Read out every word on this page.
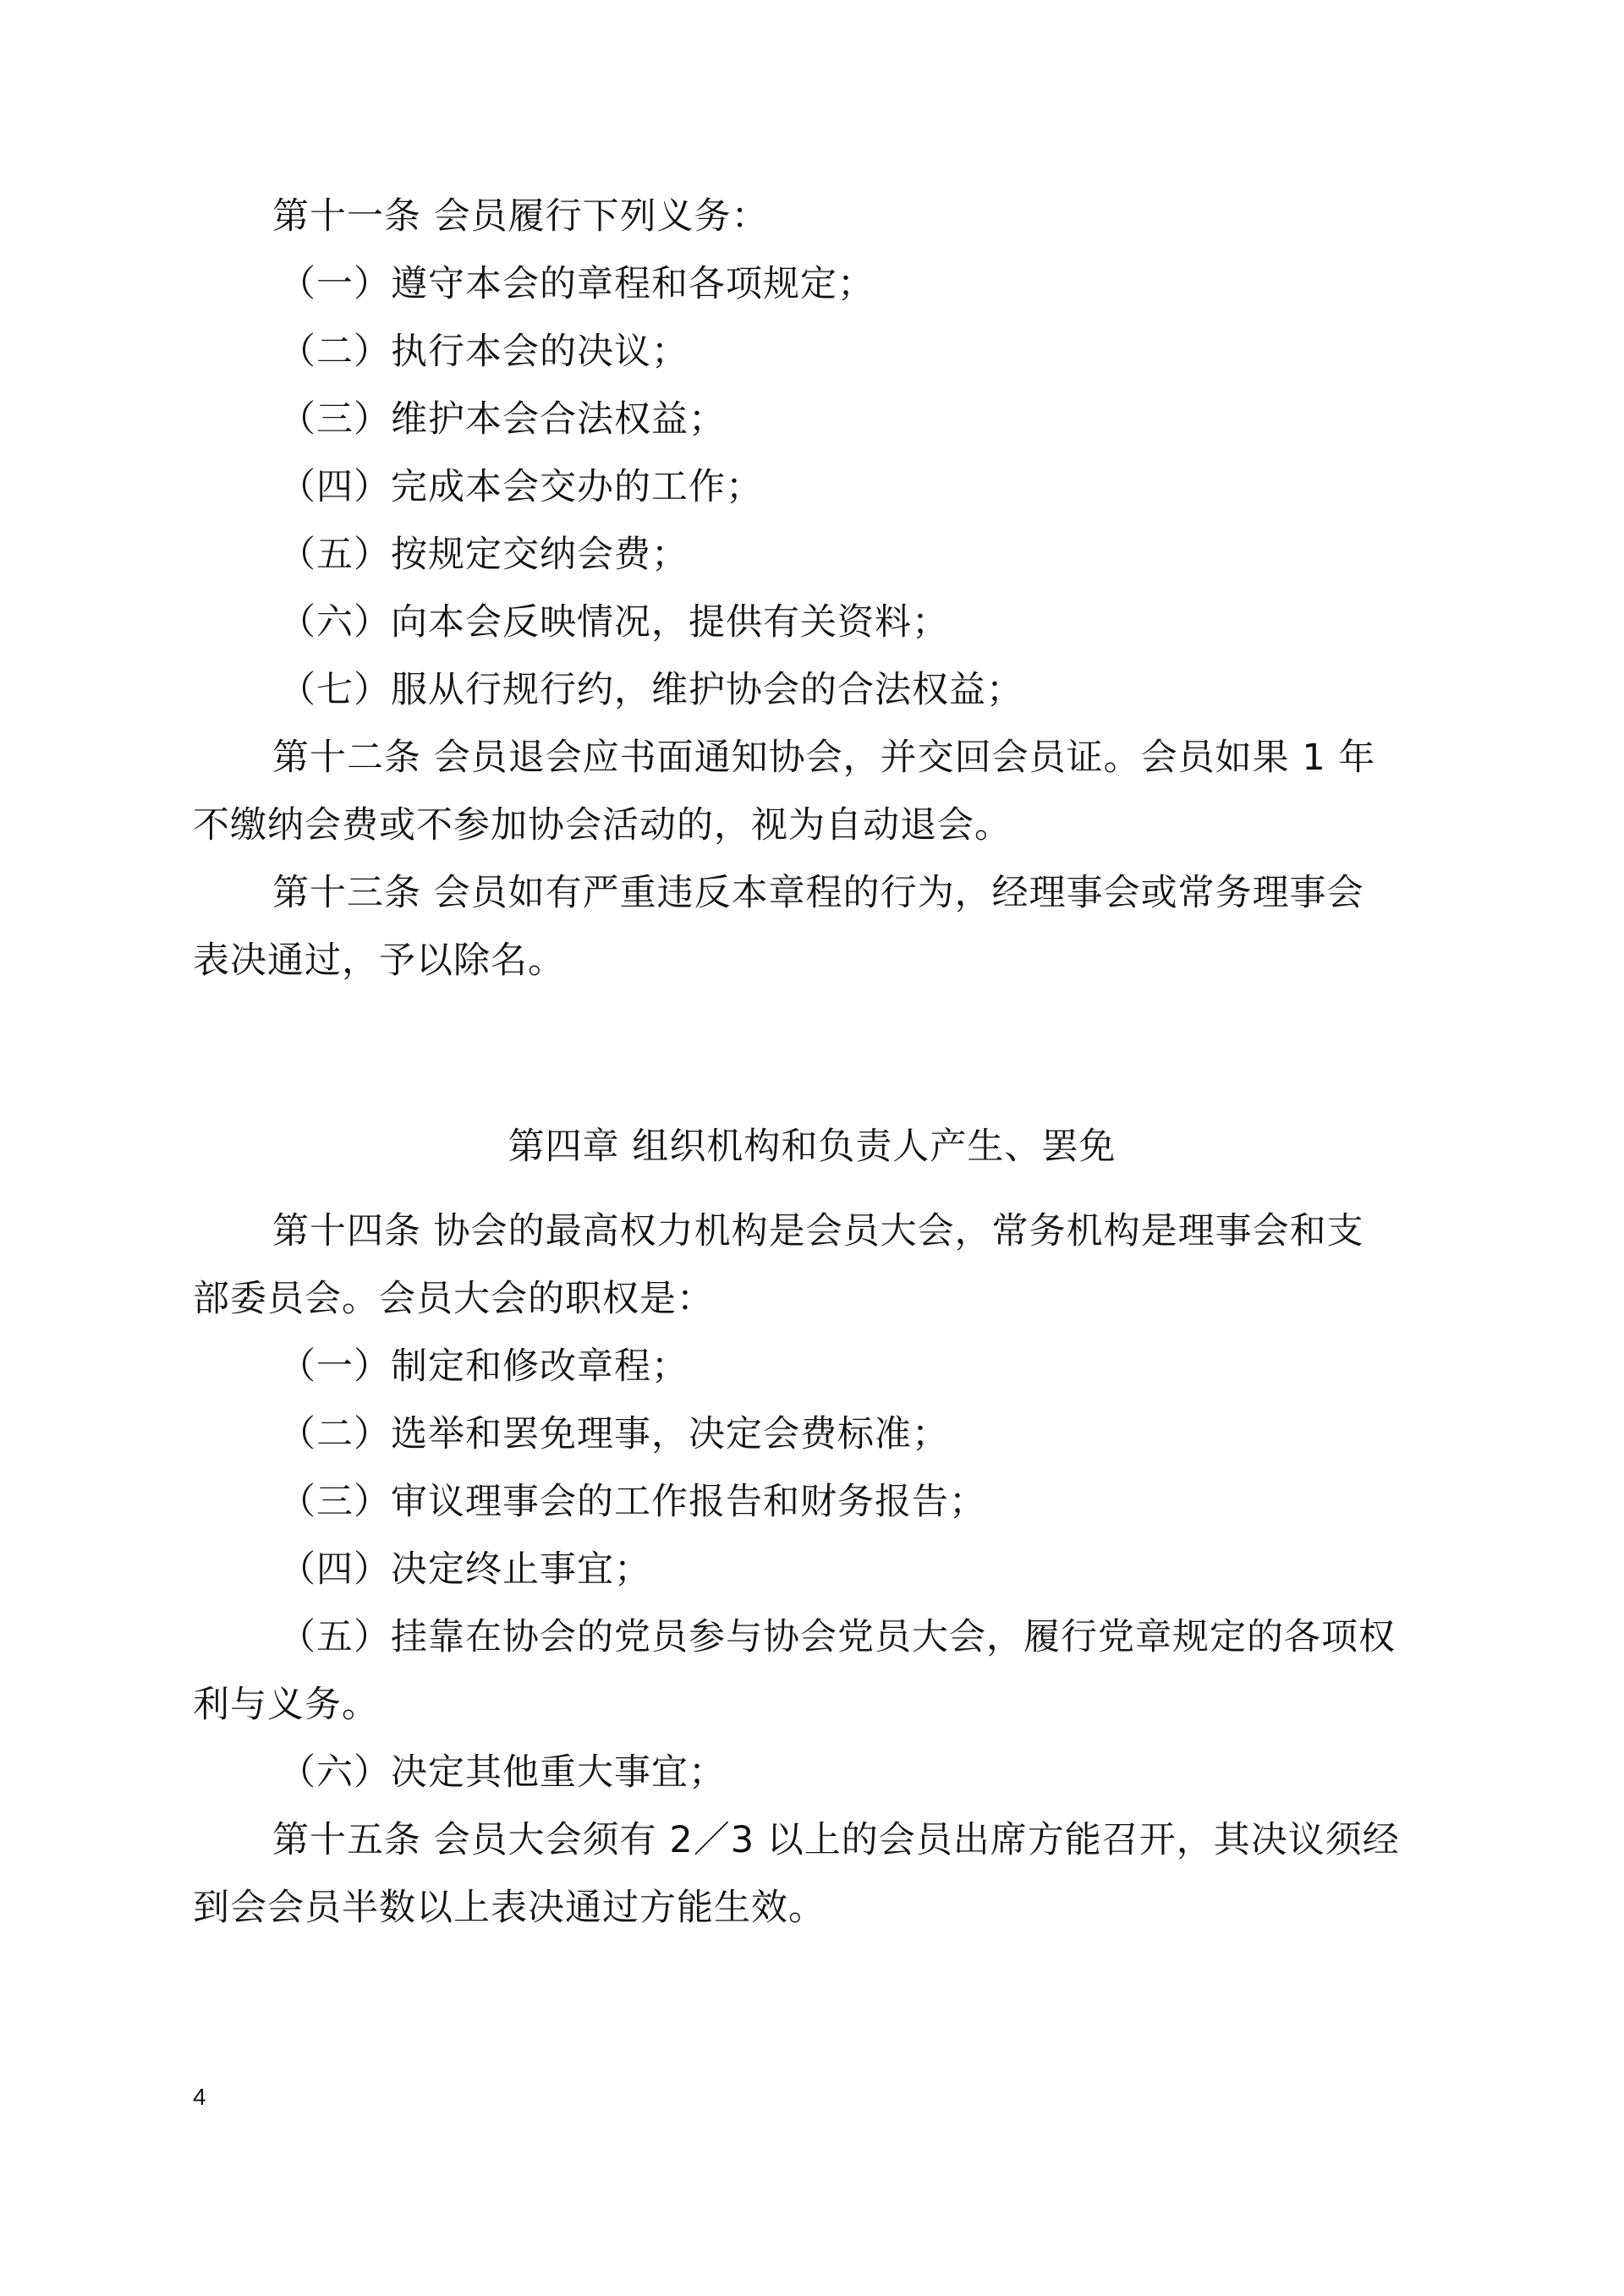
第十一条 会员履行下列义务：
（一）遵守本会的章程和各项规定；
（二）执行本会的决议；
（三）维护本会合法权益；
（四）完成本会交办的工作；
（五）按规定交纳会费；
（六）向本会反映情况，提供有关资料；
（七）服从行规行约，维护协会的合法权益；
第十二条 会员退会应书面通知协会，并交回会员证。会员如果 1 年
不缴纳会费或不参加协会活动的，视为自动退会。
第十三条 会员如有严重违反本章程的行为，经理事会或常务理事会
表决通过，予以除名。
第四章 组织机构和负责人产生、罢免
第十四条 协会的最高权力机构是会员大会，常务机构是理事会和支
部委员会。会员大会的职权是：
（一）制定和修改章程；
（二）选举和罢免理事，决定会费标准；
（三）审议理事会的工作报告和财务报告；
（四）决定终止事宜；
（五）挂靠在协会的党员参与协会党员大会，履行党章规定的各项权
利与义务。
（六）决定其他重大事宜；
第十五条 会员大会须有 2／3 以上的会员出席方能召开，其决议须经
到会会员半数以上表决通过方能生效。
4
